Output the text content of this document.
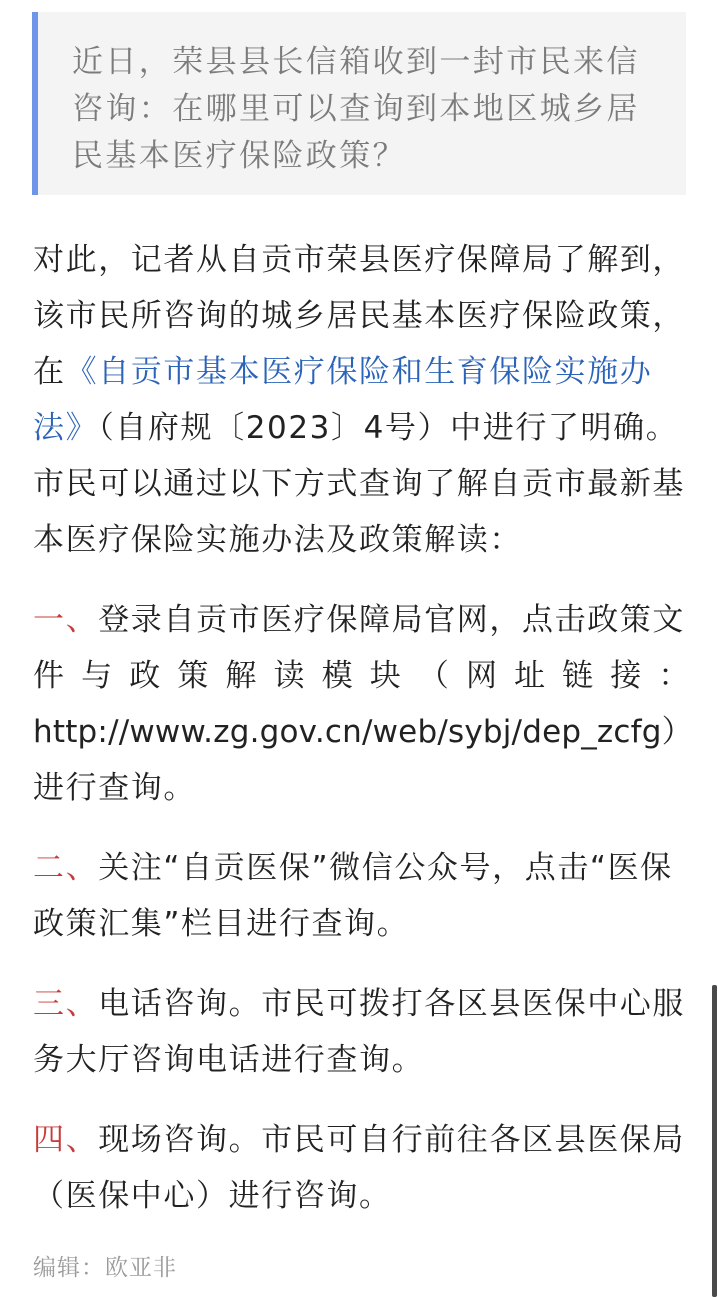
近日，荣县县长信箱收到一封市民来信咨询：在哪里可以查询到本地区城乡居民基本医疗保险政策？

对此，记者从自贡市荣县医疗保障局了解到，该市民所咨询的城乡居民基本医疗保险政策，在《自贡市基本医疗保险和生育保险实施办法》（自府规〔2023〕4号）中进行了明确。市民可以通过以下方式查询了解自贡市最新基本医疗保险实施办法及政策解读：

一、登录自贡市医疗保障局官网，点击政策文
件与政策解读模块（网址链接：
http://www.zg.gov.cn/web/sybj/dep_zcfg）
进行查询。

二、关注“自贡医保”微信公众号，点击“医保政策汇集”栏目进行查询。

三、电话咨询。市民可拨打各区县医保中心服务大厅咨询电话进行查询。

四、现场咨询。市民可自行前往各区县医保局（医保中心）进行咨询。

编辑：欧亚非
